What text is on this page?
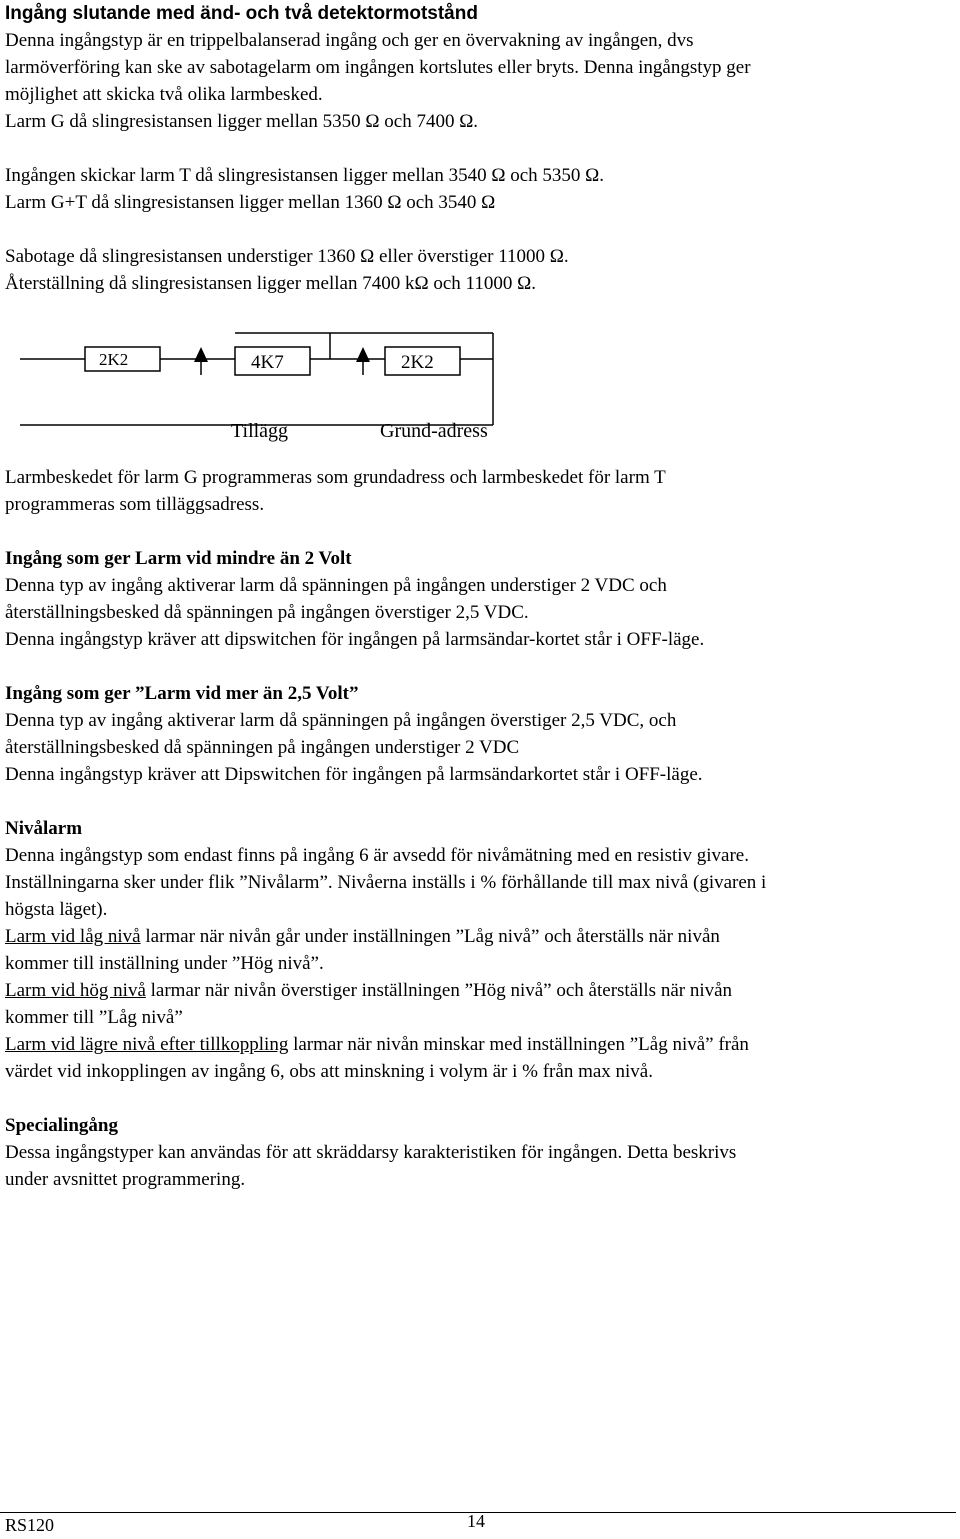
Ingång slutande med änd- och två detektormotstånd

Denna ingångstyp är en trippelbalanserad ingång och ger en övervakning av ingången, dvs

larmöverföring kan ske av sabotagelarm om ingången kortslutes eller bryts. Denna ingångstyp ger

möjlighet att skicka två olika larmbesked.

Larm G då slingresistansen ligger mellan 5350 Ω och 7400 Ω.

Ingången skickar larm T då slingresistansen ligger mellan 3540 Ω och 5350 Ω.

Larm G+T då slingresistansen ligger mellan 1360 Ω och 3540 Ω

Sabotage då slingresistansen understiger 1360 Ω eller överstiger 11000 Ω.

Återställning då slingresistansen ligger mellan 7400 kΩ och 11000 Ω.

2K2	4K7	2K2
Tillägg	Grund-adress

Larmbeskedet för larm G programmeras som grundadress och larmbeskedet för larm T

programmeras som tilläggsadress.

Ingång som ger Larm vid mindre än 2 Volt

Denna typ av ingång aktiverar larm då spänningen på ingången understiger 2 VDC och

återställningsbesked då spänningen på ingången överstiger 2,5 VDC.

Denna ingångstyp kräver att dipswitchen för ingången på larmsändar-kortet står i OFF-läge.

Ingång som ger ”Larm vid mer än 2,5 Volt”

Denna typ av ingång aktiverar larm då spänningen på ingången överstiger 2,5 VDC, och

återställningsbesked då spänningen på ingången understiger 2 VDC

Denna ingångstyp kräver att Dipswitchen för ingången på larmsändarkortet står i OFF-läge.

Nivålarm

Denna ingångstyp som endast finns på ingång 6 är avsedd för nivåmätning med en resistiv givare.

Inställningarna sker under flik ”Nivålarm”. Nivåerna inställs i % förhållande till max nivå (givaren i

högsta läget).

Larm vid låg nivå larmar när nivån går under inställningen ”Låg nivå” och återställs när nivån

kommer till inställning under ”Hög nivå”.

Larm vid hög nivå larmar när nivån överstiger inställningen ”Hög nivå” och återställs när nivån

kommer till ”Låg nivå”

Larm vid lägre nivå efter tillkoppling larmar när nivån minskar med inställningen ”Låg nivå” från

värdet vid inkopplingen av ingång 6, obs att minskning i volym är i % från max nivå.

Specialingång

Dessa ingångstyper kan användas för att skräddarsy karakteristiken för ingången. Detta beskrivs

under avsnittet programmering.

RS120	14
